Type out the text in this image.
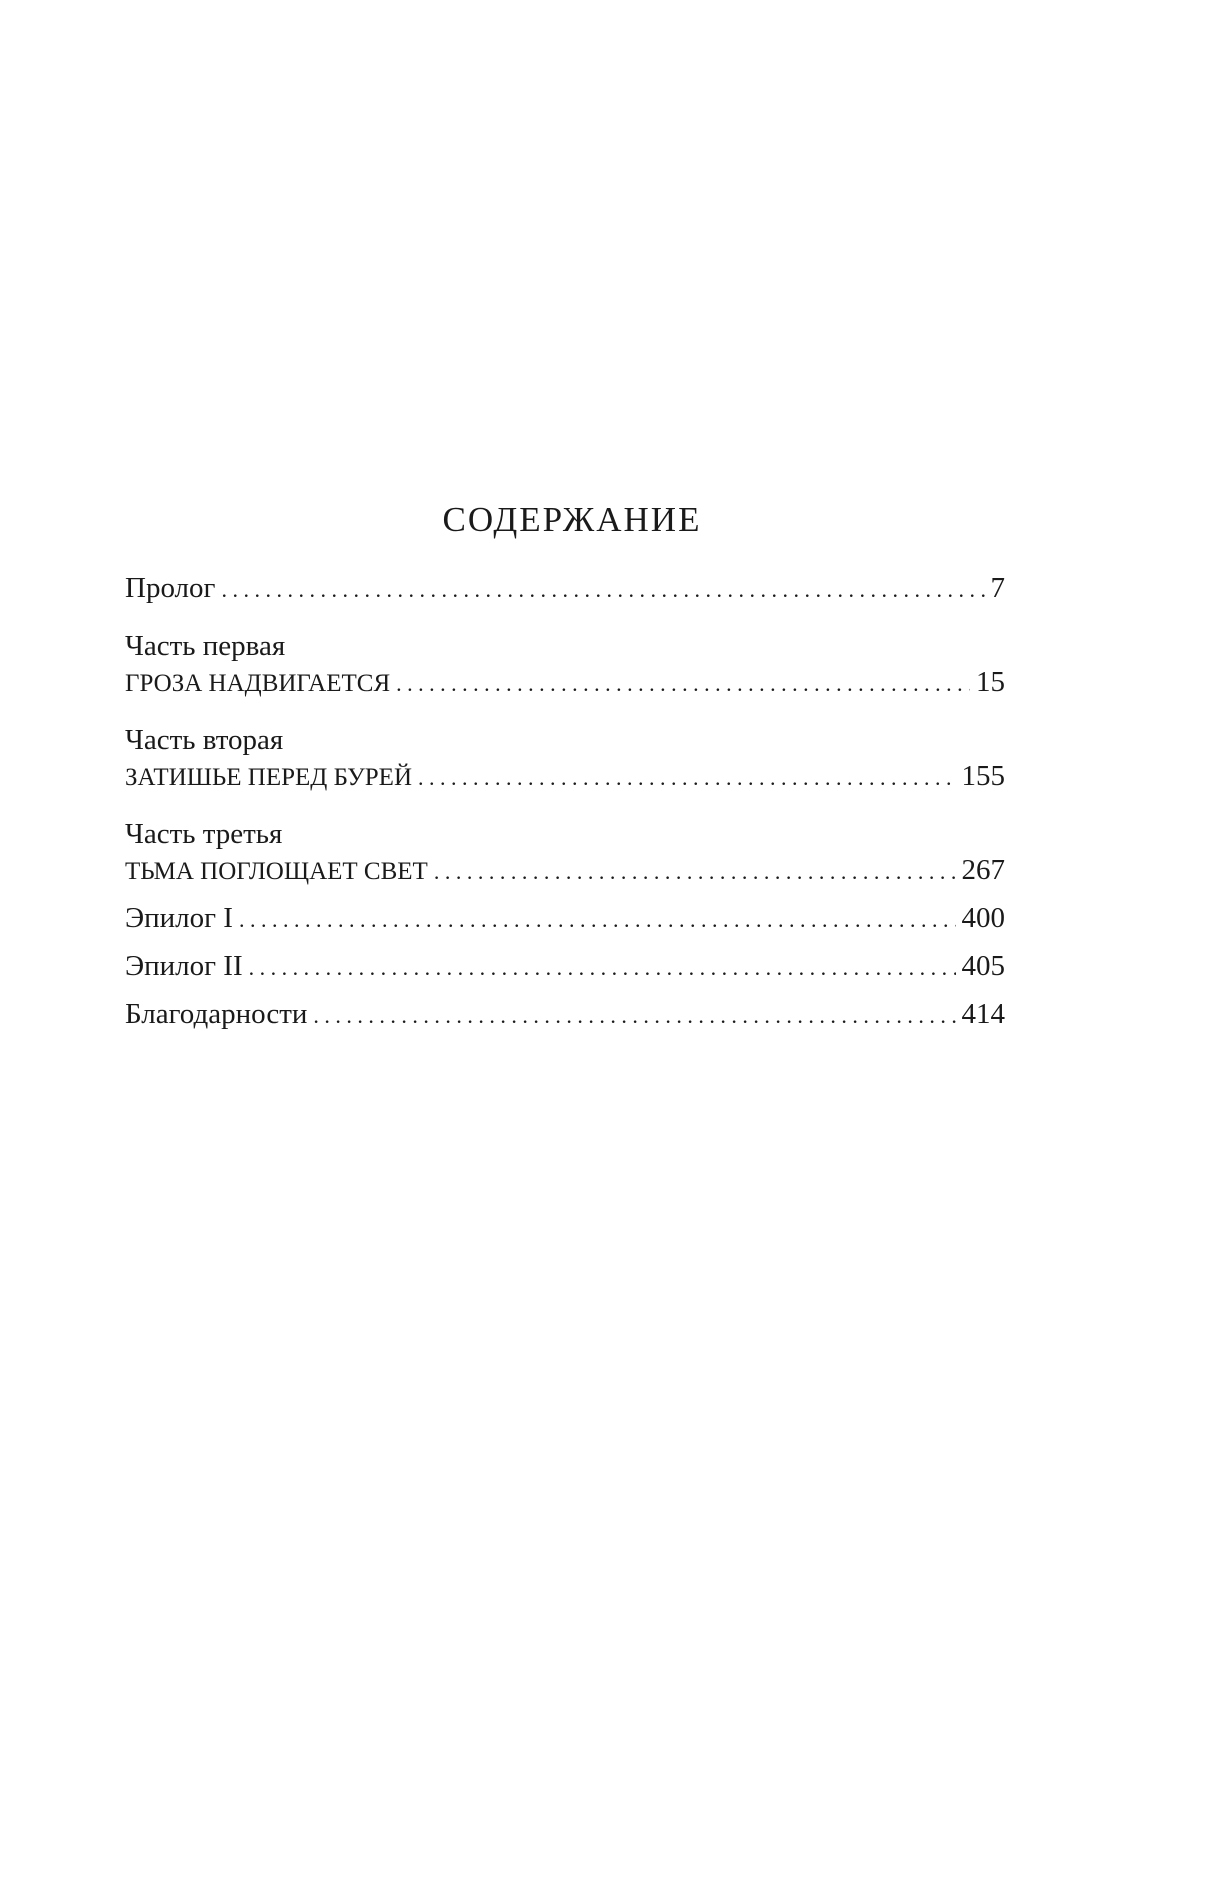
СОДЕРЖАНИЕ
Пролог . . .	7
Часть первая
ГРОЗА НАДВИГАЕТСЯ . . .	15
Часть вторая
ЗАТИШЬЕ ПЕРЕД БУРЕЙ . . .	155
Часть третья
ТЬМА ПОГЛОЩАЕТ СВЕТ . . .	267
Эпилог I . . .	400
Эпилог II . . .	405
Благодарности . . .	414
